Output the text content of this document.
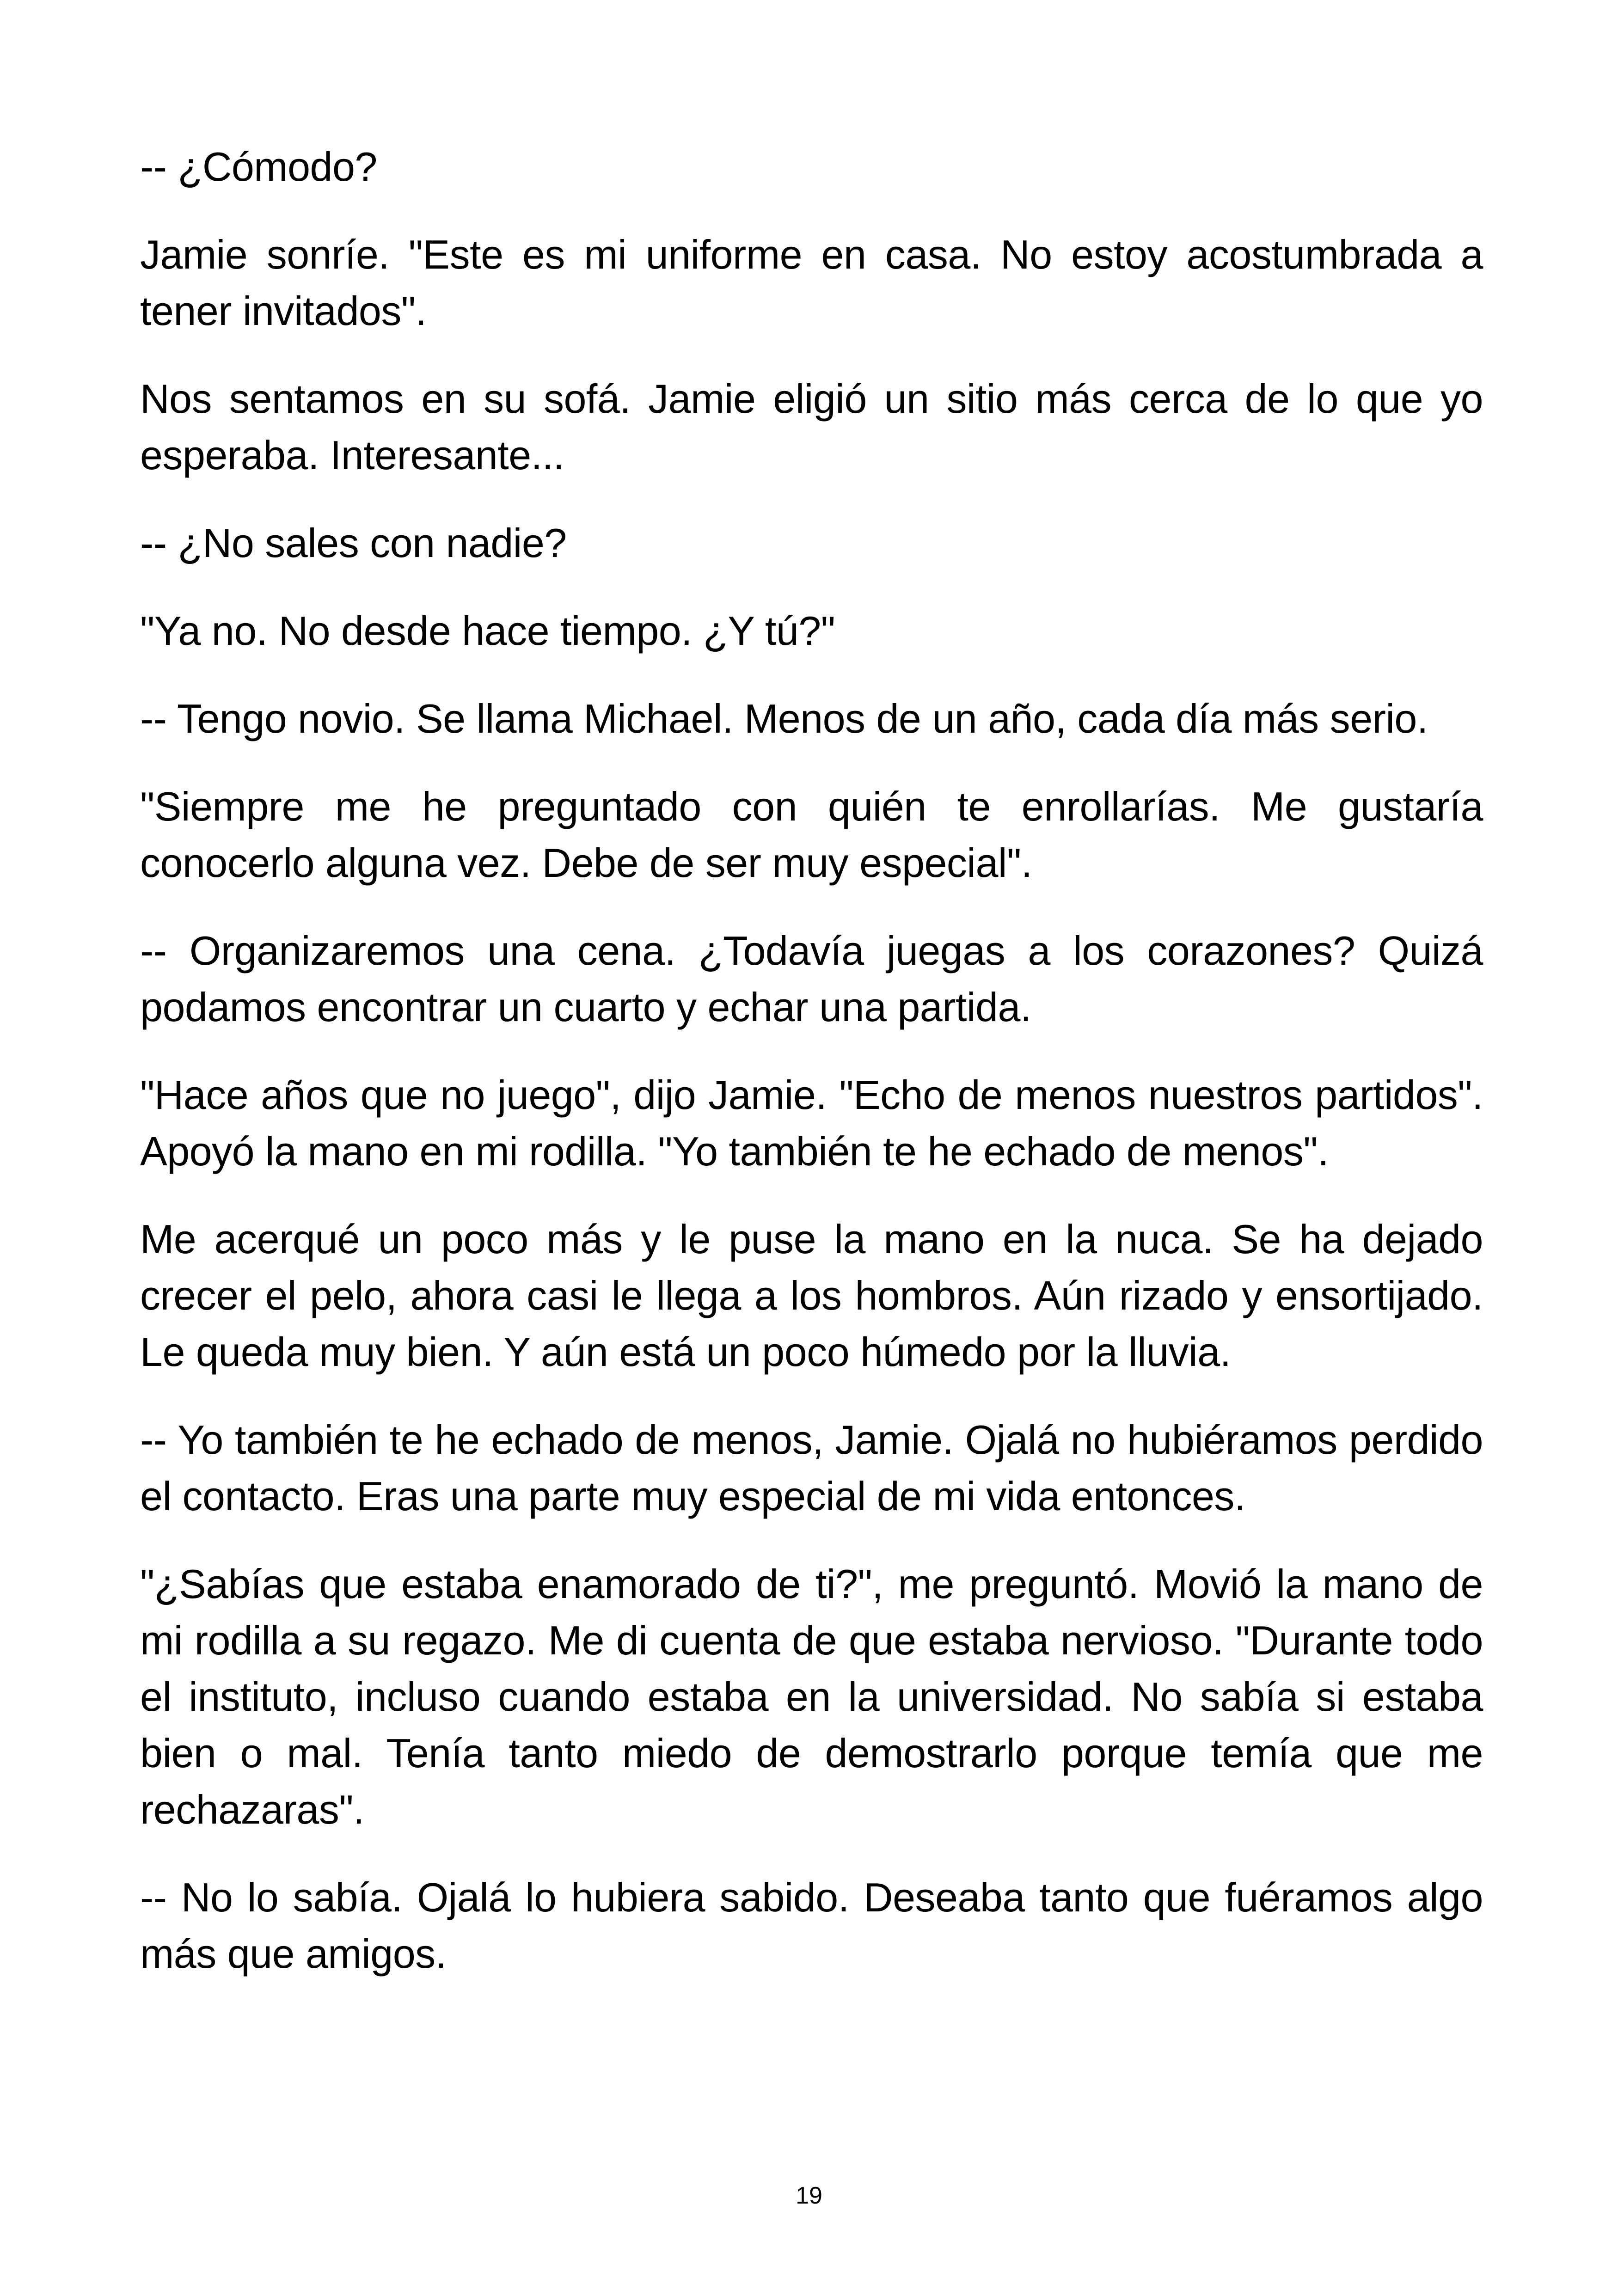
-- ¿Cómodo?

Jamie sonríe. "Este es mi uniforme en casa. No estoy acostumbrada a tener invitados".

Nos sentamos en su sofá. Jamie eligió un sitio más cerca de lo que yo esperaba. Interesante...

-- ¿No sales con nadie?

"Ya no. No desde hace tiempo. ¿Y tú?"

-- Tengo novio. Se llama Michael. Menos de un año, cada día más serio.

"Siempre me he preguntado con quién te enrollarías. Me gustaría conocerlo alguna vez. Debe de ser muy especial".

-- Organizaremos una cena. ¿Todavía juegas a los corazones? Quizá podamos encontrar un cuarto y echar una partida.

"Hace años que no juego", dijo Jamie. "Echo de menos nuestros partidos". Apoyó la mano en mi rodilla. "Yo también te he echado de menos".

Me acerqué un poco más y le puse la mano en la nuca. Se ha dejado crecer el pelo, ahora casi le llega a los hombros. Aún rizado y ensortijado. Le queda muy bien. Y aún está un poco húmedo por la lluvia.

-- Yo también te he echado de menos, Jamie. Ojalá no hubiéramos perdido el contacto. Eras una parte muy especial de mi vida entonces.

"¿Sabías que estaba enamorado de ti?", me preguntó. Movió la mano de mi rodilla a su regazo. Me di cuenta de que estaba nervioso. "Durante todo el instituto, incluso cuando estaba en la universidad. No sabía si estaba bien o mal. Tenía tanto miedo de demostrarlo porque temía que me rechazaras".

-- No lo sabía. Ojalá lo hubiera sabido. Deseaba tanto que fuéramos algo más que amigos.

19
